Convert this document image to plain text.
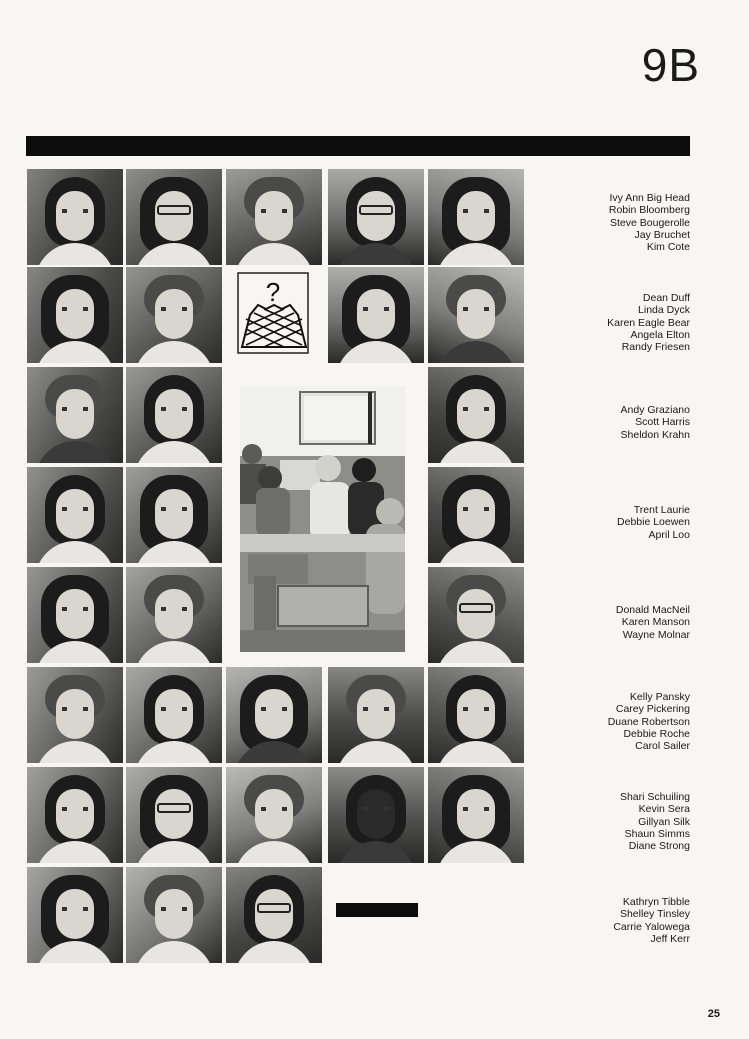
9B
?
Ivy Ann Big Head
Robin Bloomberg
Steve Bougerolle
Jay Bruchet
Kim Cote
Dean Duff
Linda Dyck
Karen Eagle Bear
Angela Elton
Randy Friesen
Andy Graziano
Scott Harris
Sheldon Krahn
Trent Laurie
Debbie Loewen
April Loo
Donald MacNeil
Karen Manson
Wayne Molnar
Kelly Pansky
Carey Pickering
Duane Robertson
Debbie Roche
Carol Sailer
Shari Schuiling
Kevin Sera
Gillyan Silk
Shaun Simms
Diane Strong
Kathryn Tibble
Shelley Tinsley
Carrie Yalowega
Jeff Kerr
25
